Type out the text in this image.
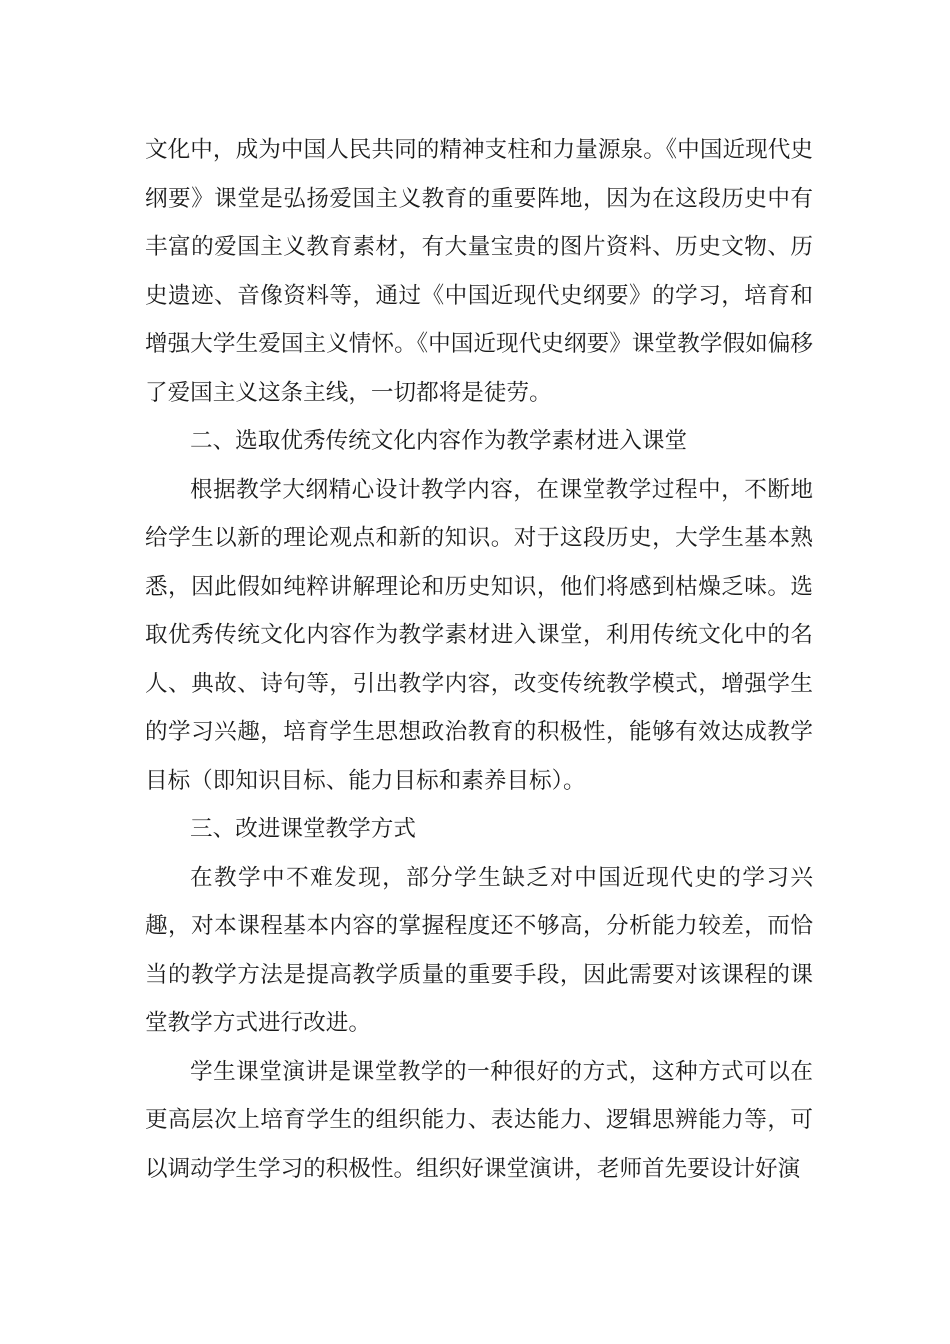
文化中，成为中国人民共同的精神支柱和力量源泉。《中国近现代史纲要》课堂是弘扬爱国主义教育的重要阵地，因为在这段历史中有丰富的爱国主义教育素材，有大量宝贵的图片资料、历史文物、历史遗迹、音像资料等，通过《中国近现代史纲要》的学习，培育和增强大学生爱国主义情怀。《中国近现代史纲要》课堂教学假如偏移了爱国主义这条主线，一切都将是徒劳。

二、选取优秀传统文化内容作为教学素材进入课堂

根据教学大纲精心设计教学内容，在课堂教学过程中，不断地给学生以新的理论观点和新的知识。对于这段历史，大学生基本熟悉，因此假如纯粹讲解理论和历史知识，他们将感到枯燥乏味。选取优秀传统文化内容作为教学素材进入课堂，利用传统文化中的名人、典故、诗句等，引出教学内容，改变传统教学模式，增强学生的学习兴趣，培育学生思想政治教育的积极性，能够有效达成教学目标（即知识目标、能力目标和素养目标）。

三、改进课堂教学方式

在教学中不难发现，部分学生缺乏对中国近现代史的学习兴趣，对本课程基本内容的掌握程度还不够高，分析能力较差，而恰当的教学方法是提高教学质量的重要手段，因此需要对该课程的课堂教学方式进行改进。

学生课堂演讲是课堂教学的一种很好的方式，这种方式可以在更高层次上培育学生的组织能力、表达能力、逻辑思辨能力等，可以调动学生学习的积极性。组织好课堂演讲，老师首先要设计好演
